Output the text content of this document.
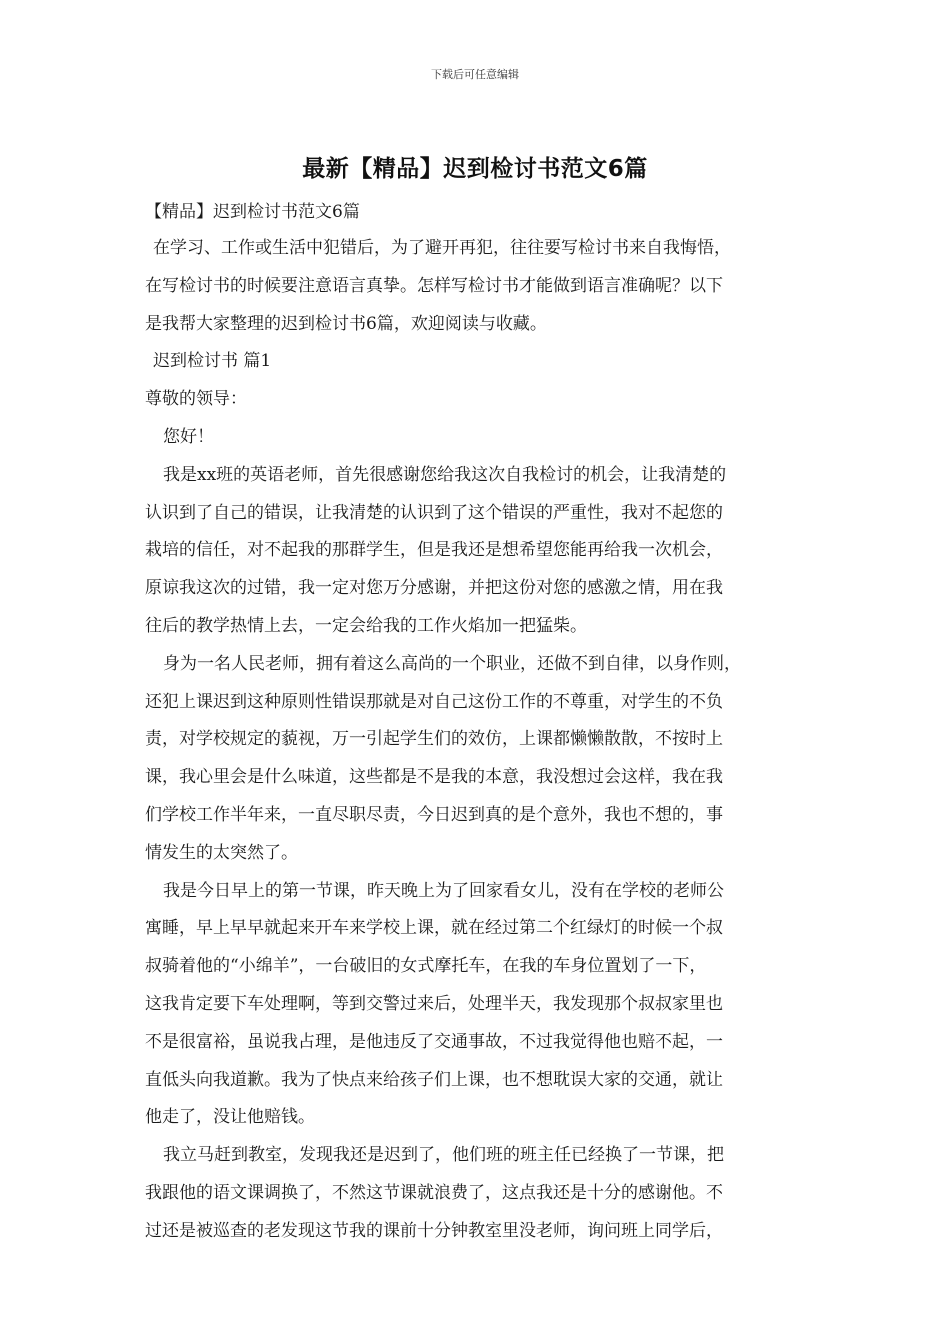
下载后可任意编辑
最新【精品】迟到检讨书范文6篇
【精品】迟到检讨书范文6篇
在学习、工作或生活中犯错后，为了避开再犯，往往要写检讨书来自我悔悟，
在写检讨书的时候要注意语言真挚。怎样写检讨书才能做到语言准确呢？以下
是我帮大家整理的迟到检讨书6篇，欢迎阅读与收藏。
迟到检讨书 篇1
尊敬的领导：
您好！
我是xx班的英语老师，首先很感谢您给我这次自我检讨的机会，让我清楚的
认识到了自己的错误，让我清楚的认识到了这个错误的严重性，我对不起您的
栽培的信任，对不起我的那群学生，但是我还是想希望您能再给我一次机会，
原谅我这次的过错，我一定对您万分感谢，并把这份对您的感激之情，用在我
往后的教学热情上去，一定会给我的工作火焰加一把猛柴。
身为一名人民老师，拥有着这么高尚的一个职业，还做不到自律，以身作则，
还犯上课迟到这种原则性错误那就是对自己这份工作的不尊重，对学生的不负
责，对学校规定的藐视，万一引起学生们的效仿，上课都懒懒散散，不按时上
课，我心里会是什么味道，这些都是不是我的本意，我没想过会这样，我在我
们学校工作半年来，一直尽职尽责，今日迟到真的是个意外，我也不想的，事
情发生的太突然了。
我是今日早上的第一节课，昨天晚上为了回家看女儿，没有在学校的老师公
寓睡，早上早早就起来开车来学校上课，就在经过第二个红绿灯的时候一个叔
叔骑着他的“小绵羊”，一台破旧的女式摩托车，在我的车身位置划了一下，
这我肯定要下车处理啊，等到交警过来后，处理半天，我发现那个叔叔家里也
不是很富裕，虽说我占理，是他违反了交通事故，不过我觉得他也赔不起，一
直低头向我道歉。我为了快点来给孩子们上课，也不想耽误大家的交通，就让
他走了，没让他赔钱。
我立马赶到教室，发现我还是迟到了，他们班的班主任已经换了一节课，把
我跟他的语文课调换了，不然这节课就浪费了，这点我还是十分的感谢他。不
过还是被巡查的老发现这节我的课前十分钟教室里没老师，询问班上同学后，
